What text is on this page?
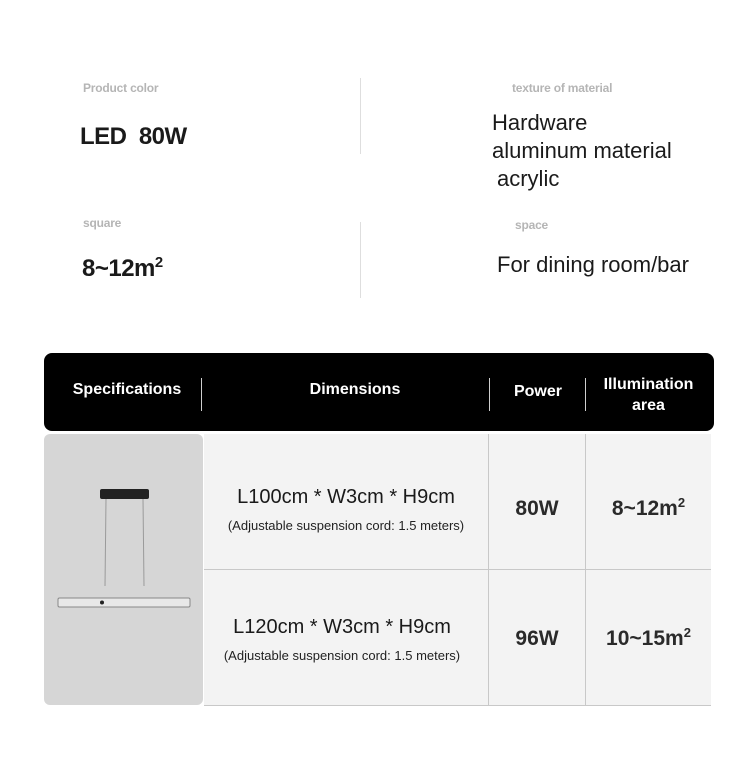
Product color
LED  80W
texture of material
Hardware
aluminum material
acrylic
square
$8\sim 12m^2$
space
For dining room/bar
Specifications	Dimensions	Power	Illumination
area
L100cm * W3cm * H9cm
(Adjustable suspension cord: 1.5 meters)
80W	$8\sim 12m^2$
L120cm * W3cm * H9cm
(Adjustable suspension cord: 1.5 meters)
96W	$10\sim 15m^2$
